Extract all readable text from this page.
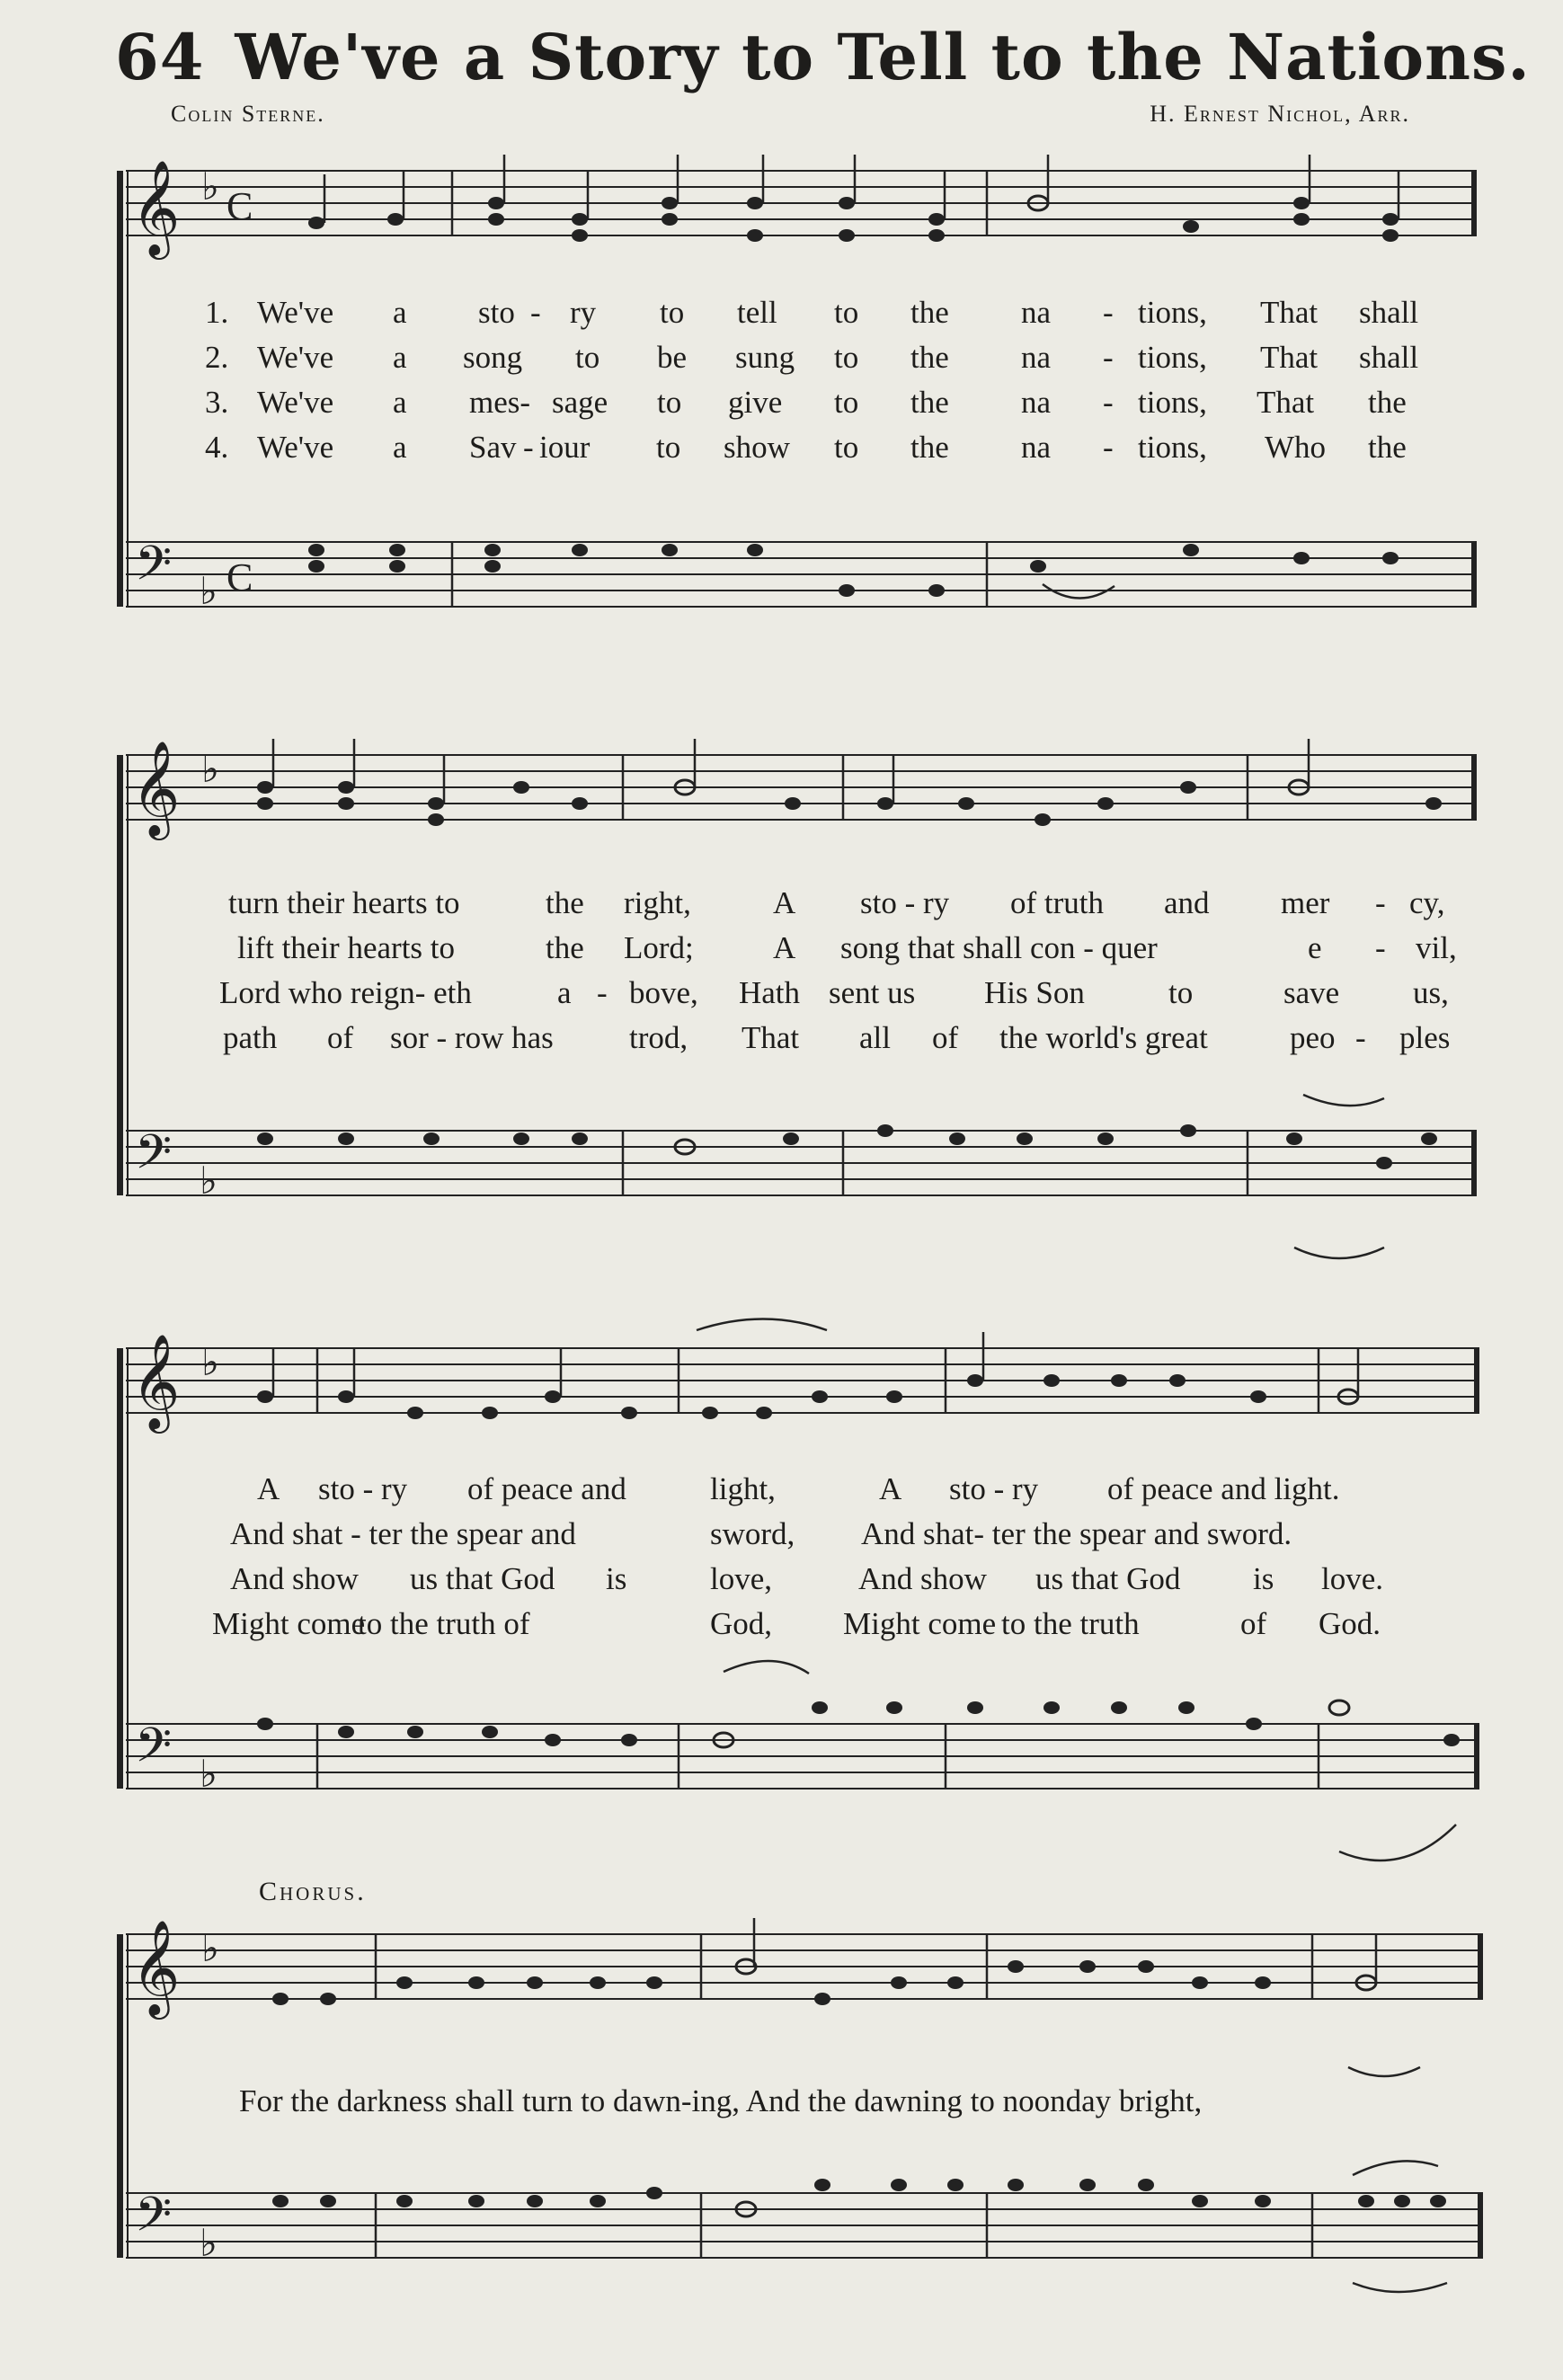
64 We've a Story to Tell to the Nations.
Colin Sterne.	H. Ernest Nichol, Arr.
𝄞
𝄞
𝄞
𝄞
𝄢
𝄢
𝄢
𝄢
♭
♭
♭
♭
♭
♭
♭
♭
C
C
1. We've a sto - ry to tell to the na - tions, That shall
2. We've a song to be sung to the na - tions, That shall
3. We've a mes- sage to give to the na - tions, That the
4. We've a Sav - iour to show to the na - tions, Who the
turn their hearts to	the right,	A sto - ry of truth and mer - cy,
lift their hearts to	the Lord;	A song that shall con - quer	e - vil,
Lord who reign- eth	a - bove, Hath sent us His Son	to	save us,
path of sor - row has trod, That all of the world's great	peo - ples
A sto - ry of peace and	light,	A sto - ry of peace and light.
And shat - ter the spear and	sword, And shat- ter the spear and sword.
And show us that God is	love,	And show us that God is love.
Might come
to the truth of	God, Might come to the truth	of God.
Chorus.
For the darkness shall turn to dawn-ing, And the dawning to noonday bright,
